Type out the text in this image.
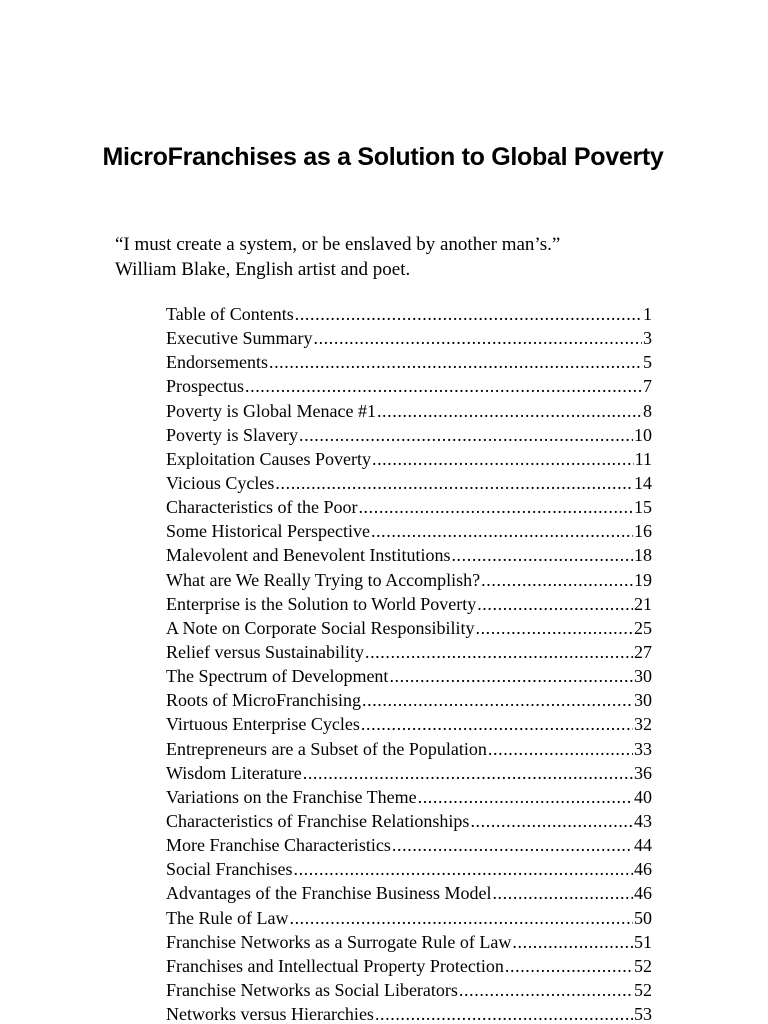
MicroFranchises as a Solution to Global Poverty
“I must create a system, or be enslaved by another man’s.”
William Blake, English artist and poet.
Table of Contents .....	1
Executive Summary .....	3
Endorsements .....	5
Prospectus .....	7
Poverty is Global Menace #1 .....	8
Poverty is Slavery .....	10
Exploitation Causes Poverty .....	11
Vicious Cycles .....	14
Characteristics of the Poor .....	15
Some Historical Perspective .....	16
Malevolent and Benevolent Institutions .....	18
What are We Really Trying to Accomplish? .....	19
Enterprise is the Solution to World Poverty .....	21
A Note on Corporate Social Responsibility .....	25
Relief versus Sustainability .....	27
The Spectrum of Development .....	30
Roots of MicroFranchising .....	30
Virtuous Enterprise Cycles .....	32
Entrepreneurs are a Subset of the Population .....	33
Wisdom Literature .....	36
Variations on the Franchise Theme .....	40
Characteristics of Franchise Relationships .....	43
More Franchise Characteristics .....	44
Social Franchises .....	46
Advantages of the Franchise Business Model .....	46
The Rule of Law .....	50
Franchise Networks as a Surrogate Rule of Law .....	51
Franchises and Intellectual Property Protection .....	52
Franchise Networks as Social Liberators .....	52
Networks versus Hierarchies .....	53
